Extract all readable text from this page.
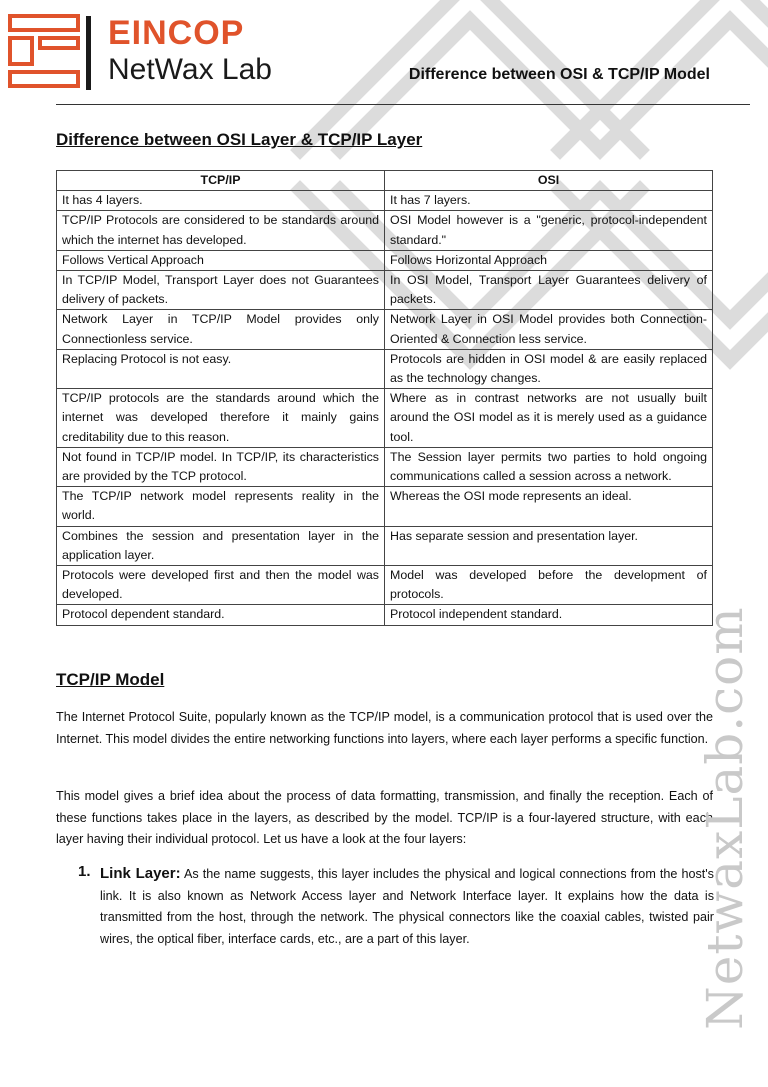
EINCOP
NetWax Lab	Difference between OSI & TCP/IP Model
Difference between OSI Layer & TCP/IP Layer
TCP/IP	OSI
It has 4 layers.	It has 7 layers.
TCP/IP Protocols are considered to be standards around which the internet has developed.	OSI Model however is a "generic, protocol-independent standard."
Follows Vertical Approach	Follows Horizontal Approach
In TCP/IP Model, Transport Layer does not Guarantees delivery of packets.	In OSI Model, Transport Layer Guarantees delivery of packets.
Network Layer in TCP/IP Model provides only Connectionless service.	Network Layer in OSI Model provides both Connection-Oriented & Connection less service.
Replacing Protocol is not easy.	Protocols are hidden in OSI model & are easily replaced as the technology changes.
TCP/IP protocols are the standards around which the internet was developed therefore it mainly gains creditability due to this reason.	Where as in contrast networks are not usually built around the OSI model as it is merely used as a guidance tool.
Not found in TCP/IP model. In TCP/IP, its characteristics are provided by the TCP protocol.	The Session layer permits two parties to hold ongoing communications called a session across a network.
The TCP/IP network model represents reality in the world.	Whereas the OSI mode represents an ideal.
Combines the session and presentation layer in the application layer.	Has separate session and presentation layer.
Protocols were developed first and then the model was developed.	Model was developed before the development of protocols.
Protocol dependent standard.	Protocol independent standard.
TCP/IP Model

The Internet Protocol Suite, popularly known as the TCP/IP model, is a communication protocol that is used over the Internet. This model divides the entire networking functions into layers, where each layer performs a specific function.

This model gives a brief idea about the process of data formatting, transmission, and finally the reception. Each of these functions takes place in the layers, as described by the model. TCP/IP is a four-layered structure, with each layer having their individual protocol. Let us have a look at the four layers:

1. Link Layer: As the name suggests, this layer includes the physical and logical connections from the host's link. It is also known as Network Access layer and Network Interface layer. It explains how the data is transmitted from the host, through the network. The physical connectors like the coaxial cables, twisted pair wires, the optical fiber, interface cards, etc., are a part of this layer.	NetwaxLab.com
